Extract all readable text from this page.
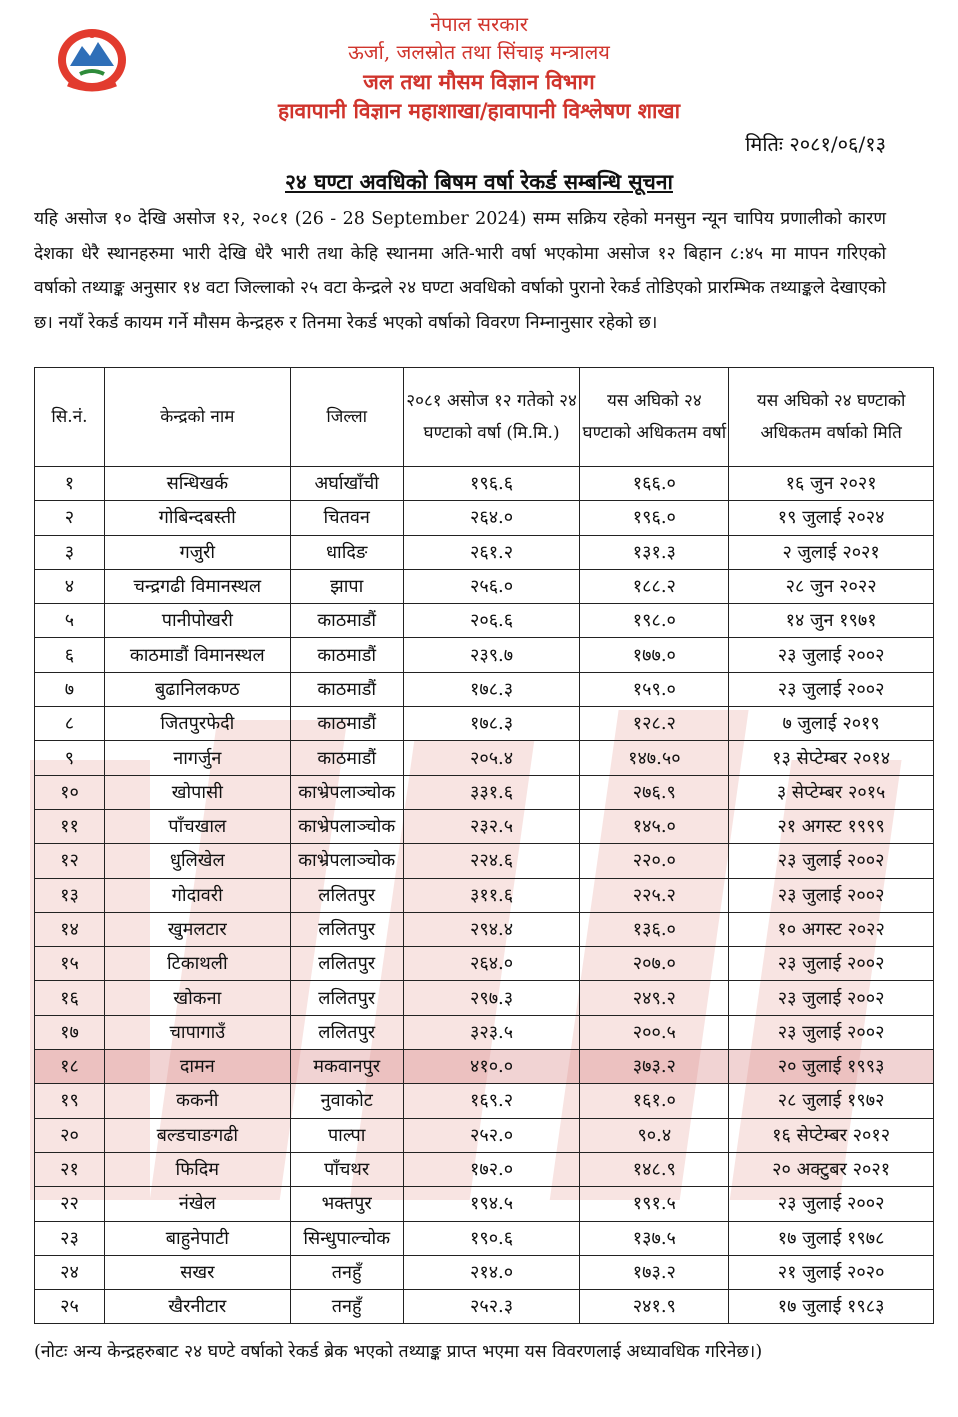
नेपाल सरकार
ऊर्जा, जलस्रोत तथा सिंचाइ मन्त्रालय
जल तथा मौसम विज्ञान विभाग
हावापानी विज्ञान महाशाखा/हावापानी विश्लेषण शाखा
मितिः २०८१/०६/१३
२४ घण्टा अवधिको बिषम वर्षा रेकर्ड सम्बन्धि सूचना
यहि असोज १० देखि असोज १२, २०८१ (26 - 28 September 2024) सम्म सक्रिय रहेको मनसुन न्यून चापिय प्रणालीको कारण देशका धेरै स्थानहरुमा भारी देखि धेरै भारी तथा केहि स्थानमा अति-भारी वर्षा भएकोमा असोज १२ बिहान ८:४५ मा मापन गरिएको वर्षाको तथ्याङ्क अनुसार १४ वटा जिल्लाको २५ वटा केन्द्रले २४ घण्टा अवधिको वर्षाको पुरानो रेकर्ड तोडिएको प्रारम्भिक तथ्याङ्कले देखाएको छ। नयाँ रेकर्ड कायम गर्ने मौसम केन्द्रहरु र तिनमा रेकर्ड भएको वर्षाको विवरण निम्नानुसार रहेको छ।
सि.नं.	केन्द्रको नाम	जिल्ला	२०८१ असोज १२ गतेको २४ घण्टाको वर्षा (मि.मि.)	यस अघिको २४ घण्टाको अधिकतम वर्षा	यस अघिको २४ घण्टाको अधिकतम वर्षाको मिति
१	सन्धिखर्क	अर्घाखाँची	१९६.६	१६६.०	१६ जुन २०२१
२	गोबिन्दबस्ती	चितवन	२६४.०	१९६.०	१९ जुलाई २०२४
३	गजुरी	धादिङ	२६१.२	१३१.३	२ जुलाई २०२१
४	चन्द्रगढी विमानस्थल	झापा	२५६.०	१८८.२	२८ जुन २०२२
५	पानीपोखरी	काठमाडौं	२०६.६	१९८.०	१४ जुन १९७१
६	काठमाडौं विमानस्थल	काठमाडौं	२३९.७	१७७.०	२३ जुलाई २००२
७	बुढानिलकण्ठ	काठमाडौं	१७८.३	१५९.०	२३ जुलाई २००२
८	जितपुरफेदी	काठमाडौं	१७८.३	१२८.२	७ जुलाई २०१९
९	नागर्जुन	काठमाडौं	२०५.४	१४७.५०	१३ सेप्टेम्बर २०१४
१०	खोपासी	काभ्रेपलाञ्चोक	३३१.६	२७६.९	३ सेप्टेम्बर २०१५
११	पाँचखाल	काभ्रेपलाञ्चोक	२३२.५	१४५.०	२१ अगस्ट १९९९
१२	धुलिखेल	काभ्रेपलाञ्चोक	२२४.६	२२०.०	२३ जुलाई २००२
१३	गोदावरी	ललितपुर	३११.६	२२५.२	२३ जुलाई २००२
१४	खुमलटार	ललितपुर	२९४.४	१३६.०	१० अगस्ट २०२२
१५	टिकाथली	ललितपुर	२६४.०	२०७.०	२३ जुलाई २००२
१६	खोकना	ललितपुर	२९७.३	२४९.२	२३ जुलाई २००२
१७	चापागाउँ	ललितपुर	३२३.५	२००.५	२३ जुलाई २००२
१८	दामन	मकवानपुर	४१०.०	३७३.२	२० जुलाई १९९३
१९	ककनी	नुवाकोट	१६९.२	१६१.०	२८ जुलाई १९७२
२०	बल्डचाङगढी	पाल्पा	२५२.०	९०.४	१६ सेप्टेम्बर २०१२
२१	फिदिम	पाँचथर	१७२.०	१४८.९	२० अक्टुबर २०२१
२२	नंखेल	भक्तपुर	१९४.५	१९१.५	२३ जुलाई २००२
२३	बाहुनेपाटी	सिन्धुपाल्चोक	१९०.६	१३७.५	१७ जुलाई १९७८
२४	सखर	तनहुँ	२१४.०	१७३.२	२१ जुलाई २०२०
२५	खैरनीटार	तनहुँ	२५२.३	२४१.९	१७ जुलाई १९८३
(नोटः अन्य केन्द्रहरुबाट २४ घण्टे वर्षाको रेकर्ड ब्रेक भएको तथ्याङ्क प्राप्त भएमा यस विवरणलाई अध्यावधिक गरिनेछ।)
